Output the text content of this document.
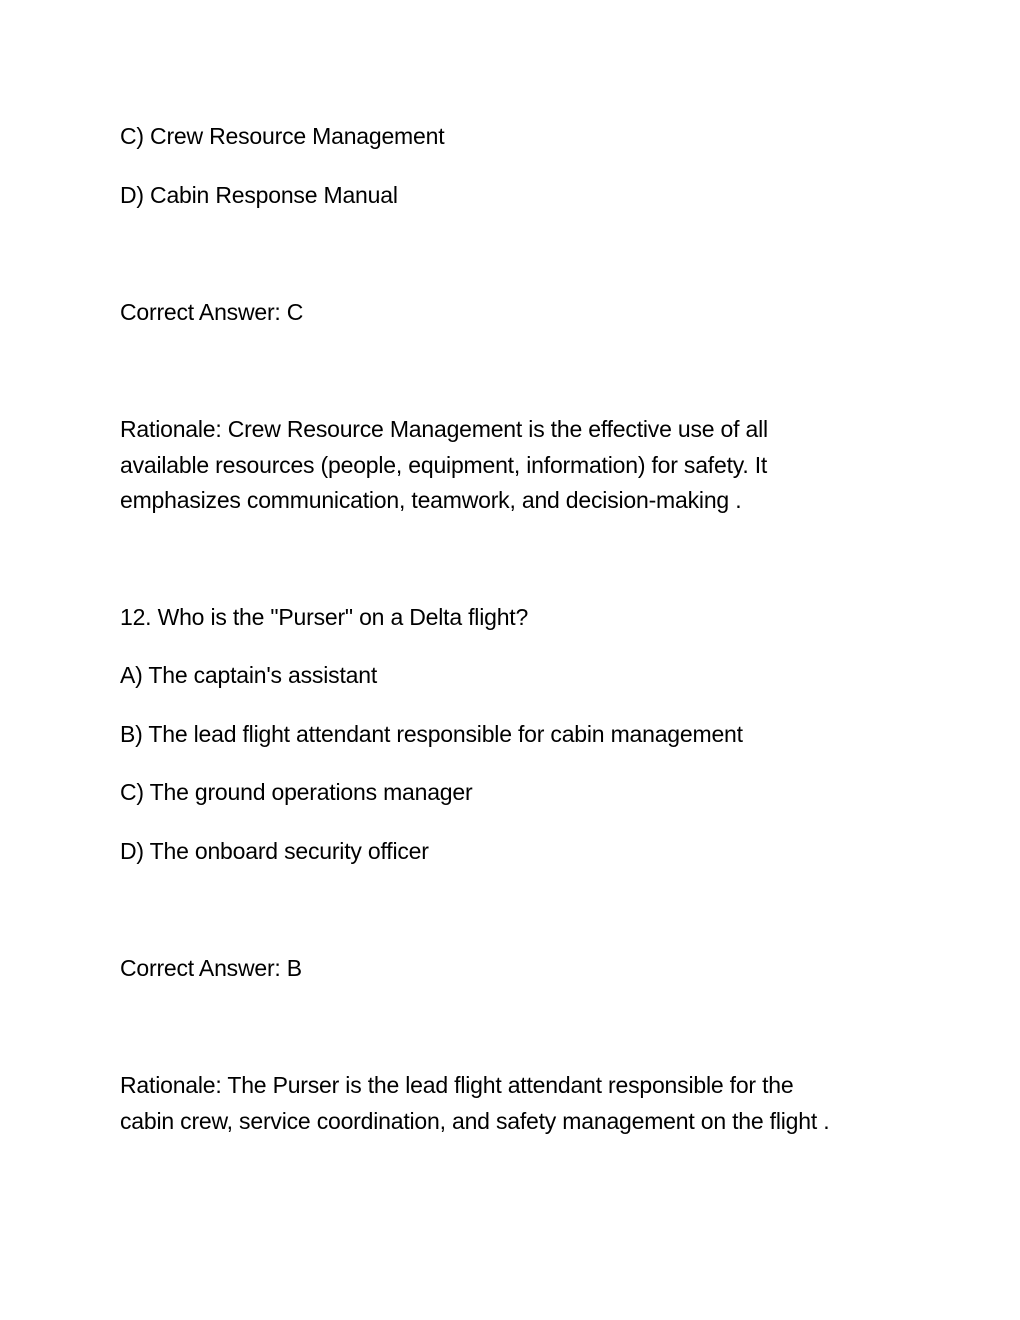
C) Crew Resource Management
D) Cabin Response Manual
Correct Answer: C
Rationale: Crew Resource Management is the effective use of all
available resources (people, equipment, information) for safety. It
emphasizes communication, teamwork, and decision-making .
12. Who is the "Purser" on a Delta flight?
A) The captain's assistant
B) The lead flight attendant responsible for cabin management
C) The ground operations manager
D) The onboard security officer
Correct Answer: B
Rationale: The Purser is the lead flight attendant responsible for the
cabin crew, service coordination, and safety management on the flight .
